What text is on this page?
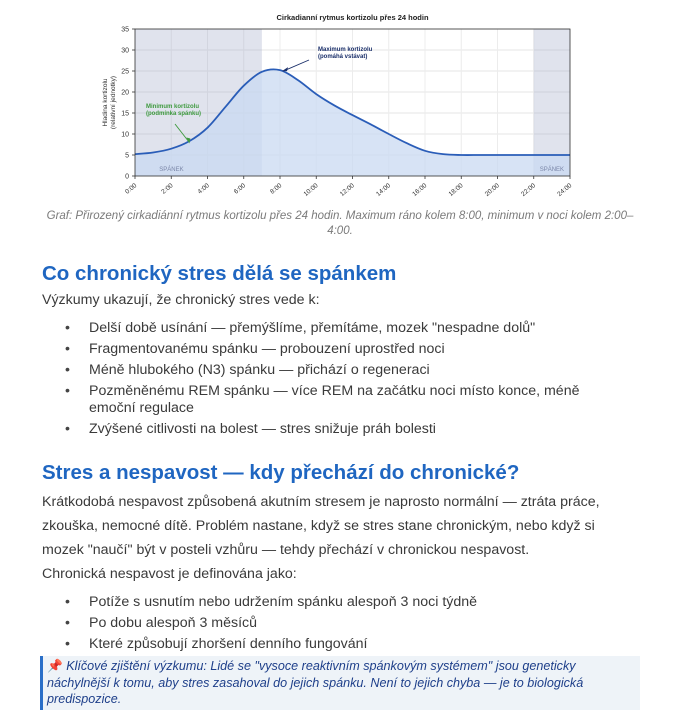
SPÁNEK	SPÁNEK
0
5
10
15
20
25
30
35
0:00	2:00	4:00	6:00	8:00	10:00	12:00	14:00	16:00	18:00	20:00	22:00	24:00
Cirkadianní rytmus kortizolu přes 24 hodin
Hladina kortizolu (relativní jednotky)
Maximum kortizolu
(pomáhá vstávat)
Minimum kortizolu
(podmínka spánku)
Graf: Přirozený cirkadiánní rytmus kortizolu přes 24 hodin. Maximum ráno kolem 8:00, minimum v noci kolem 2:00–4:00.
Co chronický stres dělá se spánkem

Výzkumy ukazují, že chronický stres vede k:

• Delší době usínání — přemýšlíme, přemítáme, mozek "nespadne dolů"
• Fragmentovanému spánku — probouzení uprostřed noci
• Méně hlubokého (N3) spánku — přichází o regeneraci
• Pozměněnému REM spánku — více REM na začátku noci místo konce, méně emoční regulace
• Zvýšené citlivosti na bolest — stres snižuje práh bolesti
Stres a nespavost — kdy přechází do chronické?

Krátkodobá nespavost způsobená akutním stresem je naprosto normální — ztráta práce, zkouška, nemocné dítě. Problém nastane, když se stres stane chronickým, nebo když si mozek "naučí" být v posteli vzhůru — tehdy přechází v chronickou nespavost.

Chronická nespavost je definována jako:

• Potíže s usnutím nebo udržením spánku alespoň 3 noci týdně
• Po dobu alespoň 3 měsíců
• Které způsobují zhoršení denního fungování
📌 Klíčové zjištění výzkumu: Lidé se "vysoce reaktivním spánkovým systémem" jsou geneticky náchylnější k tomu, aby stres zasahoval do jejich spánku. Není to jejich chyba — je to biologická predispozice.
